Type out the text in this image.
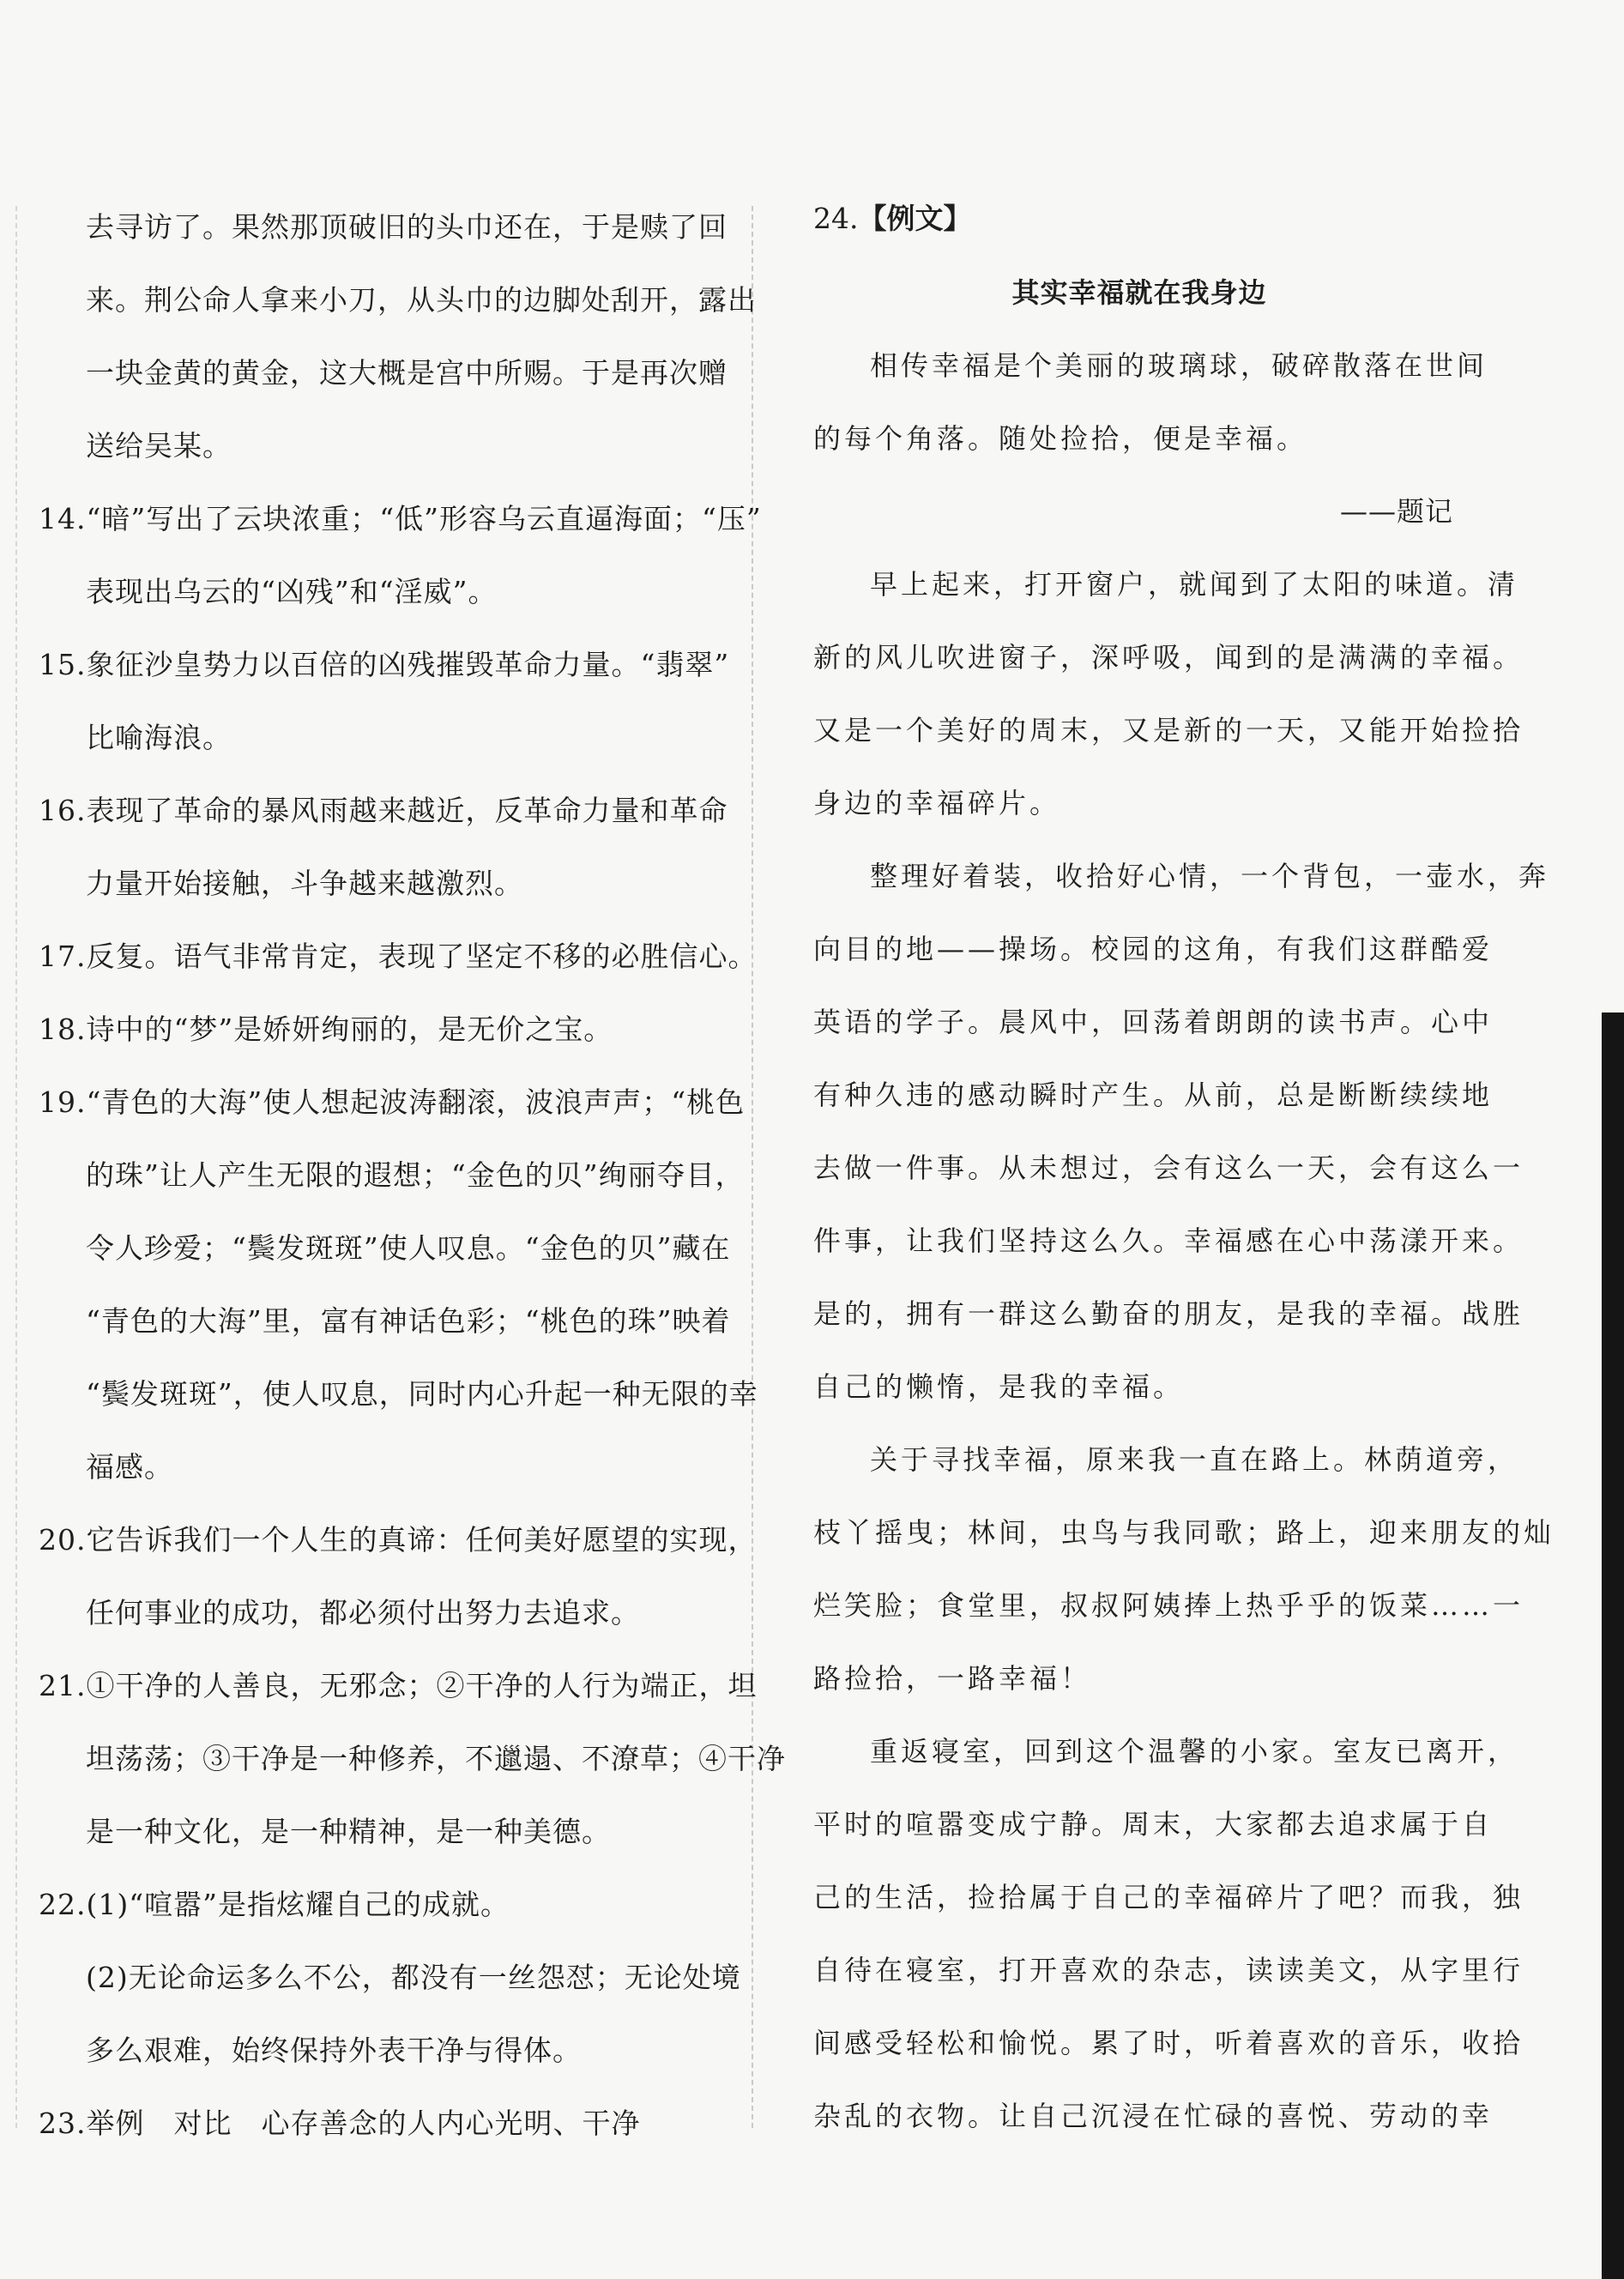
去寻访了。果然那顶破旧的头巾还在，于是赎了回
来。荆公命人拿来小刀，从头巾的边脚处刮开，露出
一块金黄的黄金，这大概是宫中所赐。于是再次赠
送给吴某。
14.“暗”写出了云块浓重；“低”形容乌云直逼海面；“压”
表现出乌云的“凶残”和“淫威”。
15.象征沙皇势力以百倍的凶残摧毁革命力量。“翡翠”
比喻海浪。
16.表现了革命的暴风雨越来越近，反革命力量和革命
力量开始接触，斗争越来越激烈。
17.反复。语气非常肯定，表现了坚定不移的必胜信心。
18.诗中的“梦”是娇妍绚丽的，是无价之宝。
19.“青色的大海”使人想起波涛翻滚，波浪声声；“桃色
的珠”让人产生无限的遐想；“金色的贝”绚丽夺目，
令人珍爱；“鬓发斑斑”使人叹息。“金色的贝”藏在
“青色的大海”里，富有神话色彩；“桃色的珠”映着
“鬓发斑斑”，使人叹息，同时内心升起一种无限的幸
福感。
20.它告诉我们一个人生的真谛：任何美好愿望的实现，
任何事业的成功，都必须付出努力去追求。
21.①干净的人善良，无邪念；②干净的人行为端正，坦
坦荡荡；③干净是一种修养，不邋遢、不潦草；④干净
是一种文化，是一种精神，是一种美德。
22.(1)“喧嚣”是指炫耀自己的成就。
(2)无论命运多么不公，都没有一丝怨怼；无论处境
多么艰难，始终保持外表干净与得体。
23.举例　对比　心存善念的人内心光明、干净
24.【例文】
其实幸福就在我身边
相传幸福是个美丽的玻璃球，破碎散落在世间
的每个角落。随处捡拾，便是幸福。
——题记
早上起来，打开窗户，就闻到了太阳的味道。清
新的风儿吹进窗子，深呼吸，闻到的是满满的幸福。
又是一个美好的周末，又是新的一天，又能开始捡拾
身边的幸福碎片。
整理好着装，收拾好心情，一个背包，一壶水，奔
向目的地——操场。校园的这角，有我们这群酷爱
英语的学子。晨风中，回荡着朗朗的读书声。心中
有种久违的感动瞬时产生。从前，总是断断续续地
去做一件事。从未想过，会有这么一天，会有这么一
件事，让我们坚持这么久。幸福感在心中荡漾开来。
是的，拥有一群这么勤奋的朋友，是我的幸福。战胜
自己的懒惰，是我的幸福。
关于寻找幸福，原来我一直在路上。林荫道旁，
枝丫摇曳；林间，虫鸟与我同歌；路上，迎来朋友的灿
烂笑脸；食堂里，叔叔阿姨捧上热乎乎的饭菜……一
路捡拾，一路幸福！
重返寝室，回到这个温馨的小家。室友已离开，
平时的喧嚣变成宁静。周末，大家都去追求属于自
己的生活，捡拾属于自己的幸福碎片了吧？而我，独
自待在寝室，打开喜欢的杂志，读读美文，从字里行
间感受轻松和愉悦。累了时，听着喜欢的音乐，收拾
杂乱的衣物。让自己沉浸在忙碌的喜悦、劳动的幸
